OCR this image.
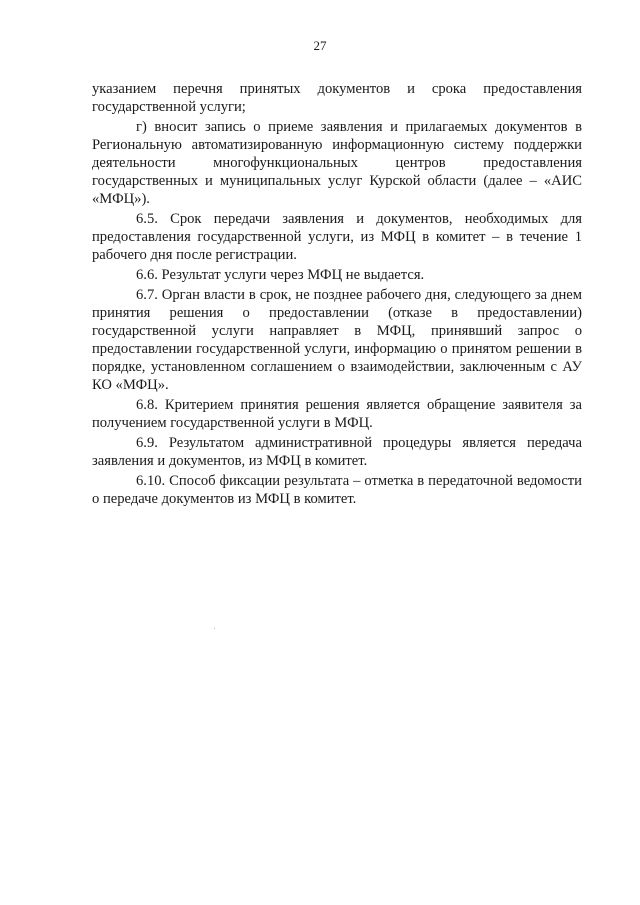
27

указанием перечня принятых документов и срока предоставления государственной услуги;

г) вносит запись о приеме заявления и прилагаемых документов в Региональную автоматизированную информационную систему поддержки деятельности многофункциональных центров предоставления государственных и муниципальных услуг Курской области (далее – «АИС «МФЦ»).

6.5. Срок передачи заявления и документов, необходимых для предоставления государственной услуги, из МФЦ в комитет – в течение 1 рабочего дня после регистрации.

6.6. Результат услуги через МФЦ не выдается.

6.7. Орган власти в срок, не позднее рабочего дня, следующего за днем принятия решения о предоставлении (отказе в предоставлении) государственной услуги направляет в МФЦ, принявший запрос о предоставлении государственной услуги, информацию о принятом решении в порядке, установленном соглашением о взаимодействии, заключенным с АУ КО «МФЦ».

6.8. Критерием принятия решения является обращение заявителя за получением государственной услуги в МФЦ.

6.9. Результатом административной процедуры является передача заявления и документов, из МФЦ в комитет.

6.10. Способ фиксации результата – отметка в передаточной ведомости о передаче документов из МФЦ в комитет.
